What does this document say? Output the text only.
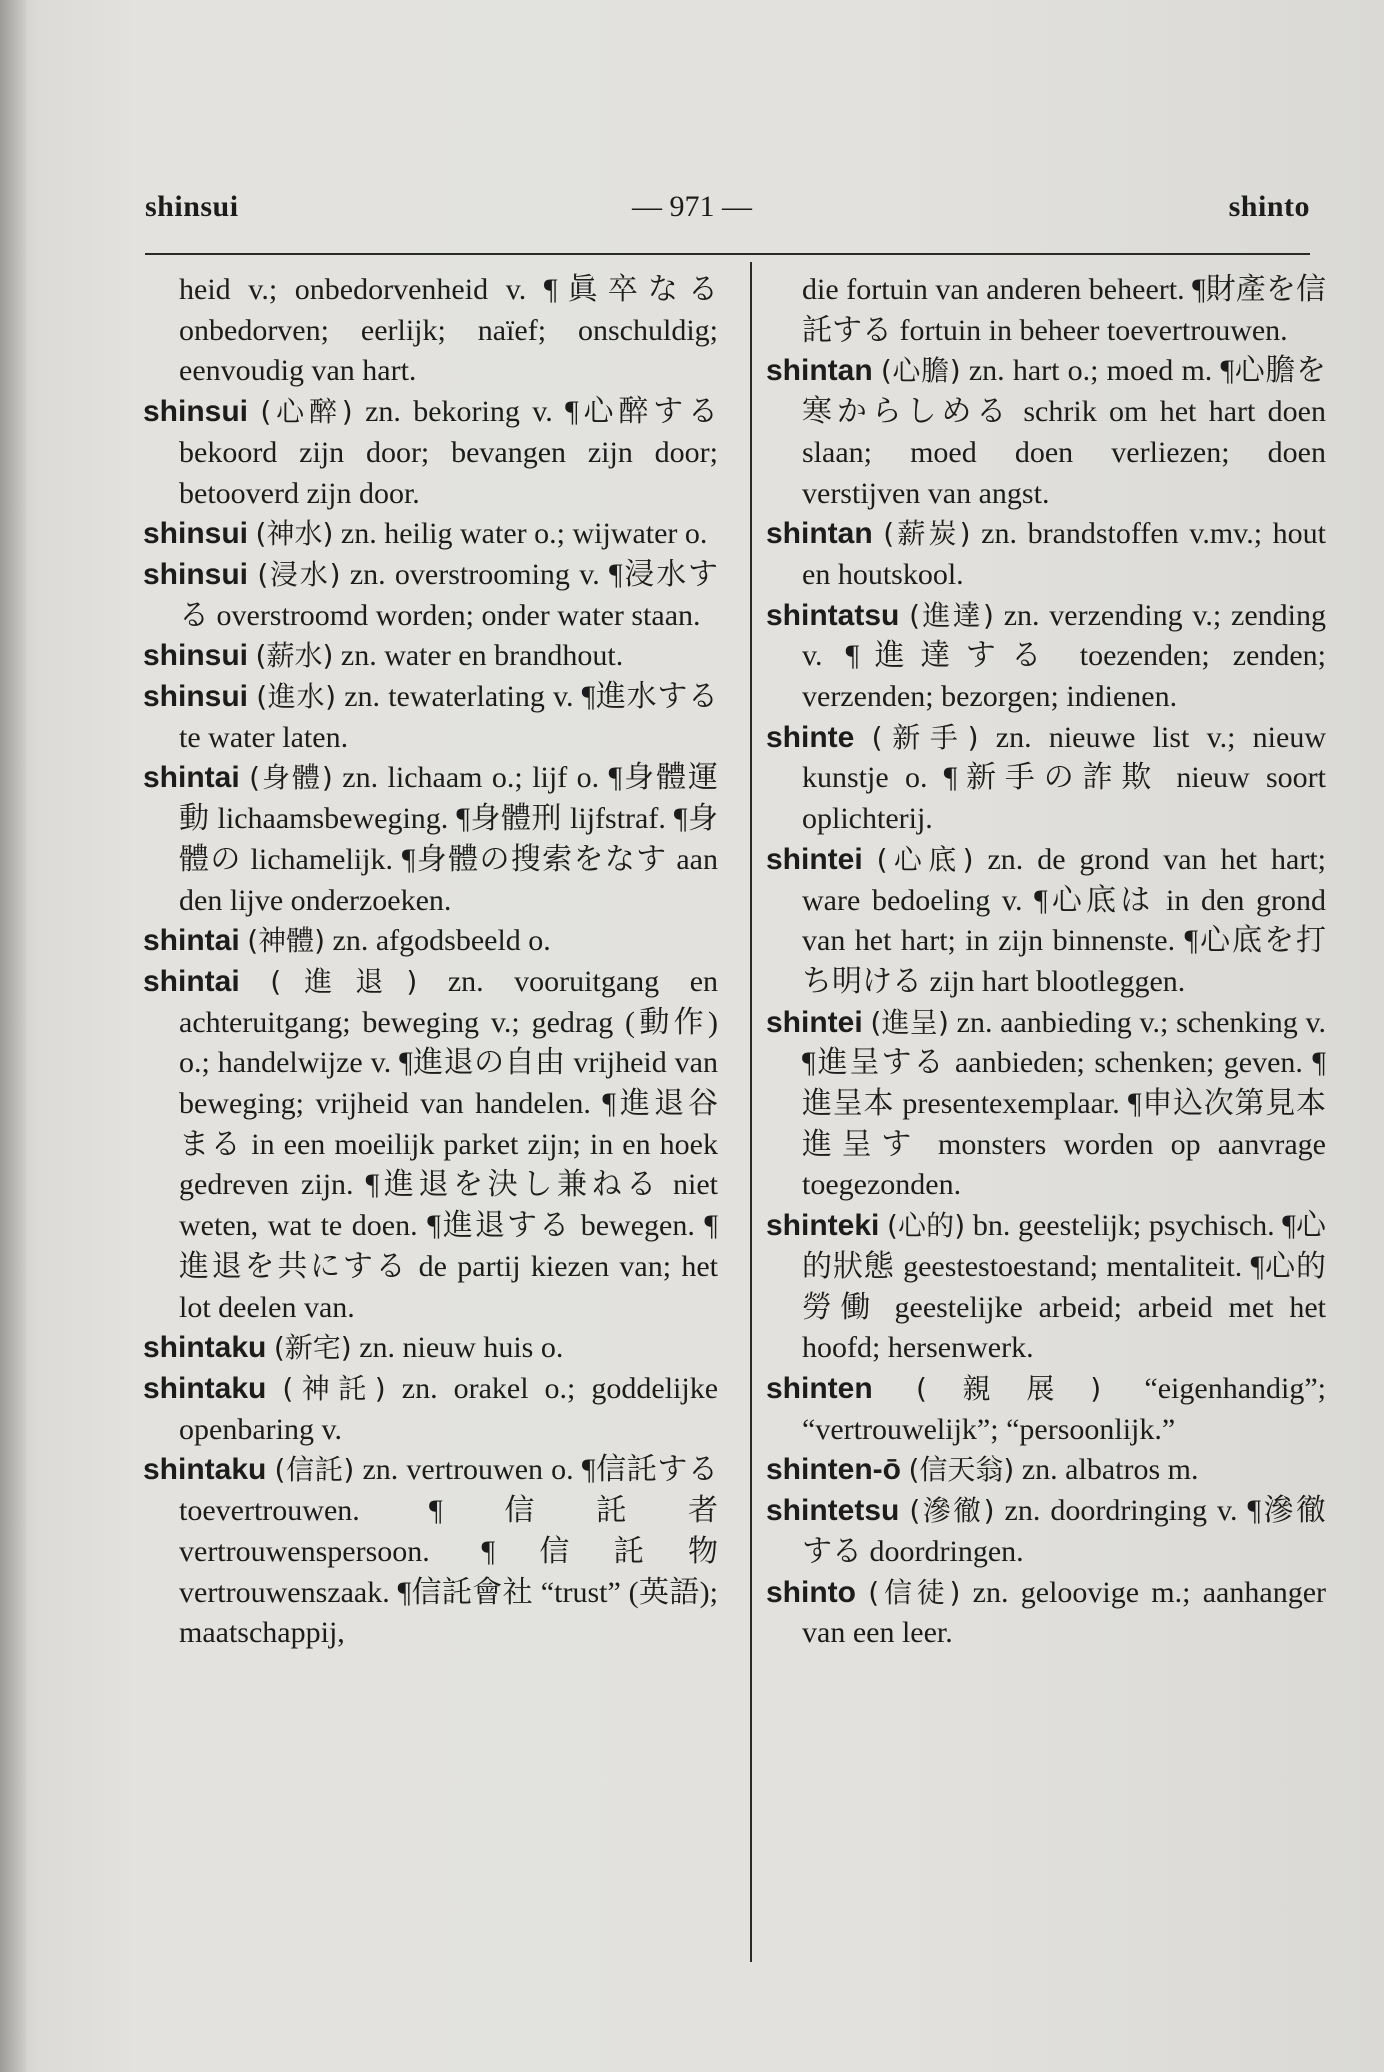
shinsui	— 971 —	shinto

heid v.; onbedorvenheid v. ¶眞卒なる onbedorven; eerlijk; naïef; onschuldig; eenvoudig van hart.

shinsui (心醉) zn. bekoring v. ¶心醉する bekoord zijn door; bevangen zijn door; betooverd zijn door.

shinsui (神水) zn. heilig water o.; wijwater o.

shinsui (浸水) zn. overstrooming v. ¶浸水する overstroomd worden; onder water staan.

shinsui (薪水) zn. water en brandhout.

shinsui (進水) zn. tewaterlating v. ¶進水する te water laten.

shintai (身體) zn. lichaam o.; lijf o. ¶身體運動 lichaamsbeweging. ¶身體刑 lijfstraf. ¶身體の lichamelijk. ¶身體の搜索をなす aan den lijve onderzoeken.

shintai (神體) zn. afgodsbeeld o.

shintai (進退) zn. vooruitgang en achteruitgang; beweging v.; gedrag (動作) o.; handelwijze v. ¶進退の自由 vrijheid van beweging; vrijheid van handelen. ¶進退谷まる in een moeilijk parket zijn; in en hoek gedreven zijn. ¶進退を決し兼ねる niet weten, wat te doen. ¶進退する bewegen. ¶進退を共にする de partij kiezen van; het lot deelen van.

shintaku (新宅) zn. nieuw huis o.

shintaku (神託) zn. orakel o.; goddelijke openbaring v.

shintaku (信託) zn. vertrouwen o. ¶信託する toevertrouwen. ¶信託者 vertrouwenspersoon. ¶信託物 vertrouwenszaak. ¶信託會社 “trust” (英語); maatschappij,

die fortuin van anderen beheert. ¶財產を信託する fortuin in beheer toevertrouwen.

shintan (心膽) zn. hart o.; moed m. ¶心膽を寒からしめる schrik om het hart doen slaan; moed doen verliezen; doen verstijven van angst.

shintan (薪炭) zn. brandstoffen v.mv.; hout en houtskool.

shintatsu (進達) zn. verzending v.; zending v. ¶進達する toezenden; zenden; verzenden; bezorgen; indienen.

shinte (新手) zn. nieuwe list v.; nieuw kunstje o. ¶新手の詐欺 nieuw soort oplichterij.

shintei (心底) zn. de grond van het hart; ware bedoeling v. ¶心底は in den grond van het hart; in zijn binnenste. ¶心底を打ち明ける zijn hart blootleggen.

shintei (進呈) zn. aanbieding v.; schenking v. ¶進呈する aanbieden; schenken; geven. ¶進呈本 presentexemplaar. ¶申込次第見本進呈す monsters worden op aanvrage toegezonden.

shinteki (心的) bn. geestelijk; psychisch. ¶心的狀態 geestestoestand; mentaliteit. ¶心的勞働 geestelijke arbeid; arbeid met het hoofd; hersenwerk.

shinten (親展) “eigenhandig”; “vertrouwelijk”; “persoonlijk.”

shinten-ō (信天翁) zn. albatros m.

shintetsu (滲徹) zn. doordringing v. ¶滲徹する doordringen.

shinto (信徒) zn. geloovige m.; aanhanger van een leer.
